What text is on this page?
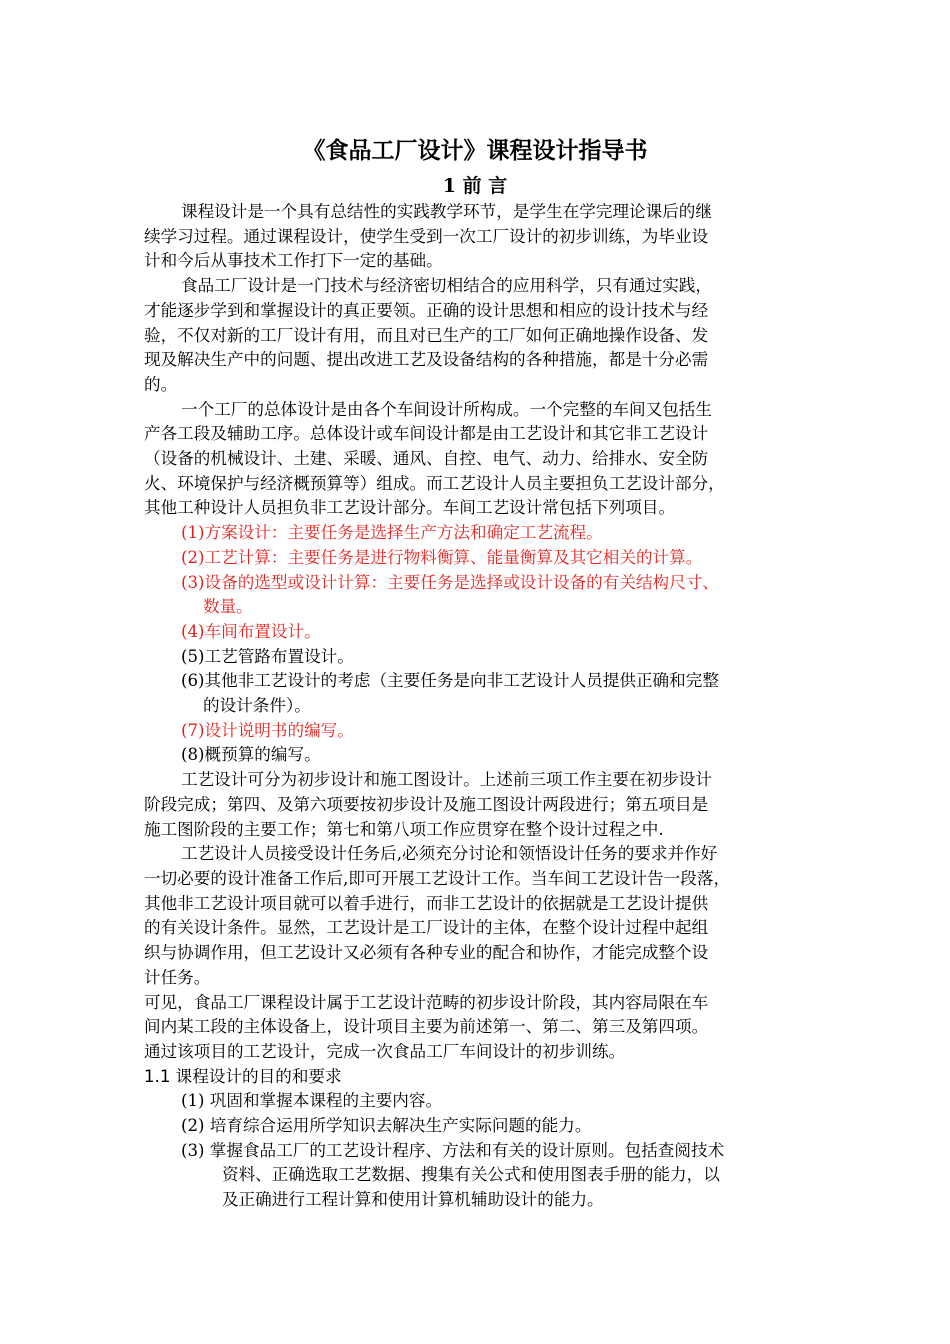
《食品工厂设计》课程设计指导书
1 前 言
课程设计是一个具有总结性的实践教学环节，是学生在学完理论课后的继
续学习过程。通过课程设计，使学生受到一次工厂设计的初步训练，为毕业设
计和今后从事技术工作打下一定的基础。
食品工厂设计是一门技术与经济密切相结合的应用科学，只有通过实践，
才能逐步学到和掌握设计的真正要领。正确的设计思想和相应的设计技术与经
验，不仅对新的工厂设计有用，而且对已生产的工厂如何正确地操作设备、发
现及解决生产中的问题、提出改进工艺及设备结构的各种措施，都是十分必需
的。
一个工厂的总体设计是由各个车间设计所构成。一个完整的车间又包括生
产各工段及辅助工序。总体设计或车间设计都是由工艺设计和其它非工艺设计
（设备的机械设计、土建、采暖、通风、自控、电气、动力、给排水、安全防
火、环境保护与经济概预算等）组成。而工艺设计人员主要担负工艺设计部分，
其他工种设计人员担负非工艺设计部分。车间工艺设计常包括下列项目。
(1)方案设计：主要任务是选择生产方法和确定工艺流程。
(2)工艺计算：主要任务是进行物料衡算、能量衡算及其它相关的计算。
(3)设备的选型或设计计算：主要任务是选择或设计设备的有关结构尺寸、
数量。
(4)车间布置设计。
(5)工艺管路布置设计。
(6)其他非工艺设计的考虑（主要任务是向非工艺设计人员提供正确和完整
的设计条件）。
(7)设计说明书的编写。
(8)概预算的编写。
工艺设计可分为初步设计和施工图设计。上述前三项工作主要在初步设计
阶段完成；第四、及第六项要按初步设计及施工图设计两段进行；第五项目是
施工图阶段的主要工作；第七和第八项工作应贯穿在整个设计过程之中.
工艺设计人员接受设计任务后,必须充分讨论和领悟设计任务的要求并作好
一切必要的设计准备工作后,即可开展工艺设计工作。当车间工艺设计告一段落，
其他非工艺设计项目就可以着手进行，而非工艺设计的依据就是工艺设计提供
的有关设计条件。显然，工艺设计是工厂设计的主体，在整个设计过程中起组
织与协调作用，但工艺设计又必须有各种专业的配合和协作，才能完成整个设
计任务。
可见，食品工厂课程设计属于工艺设计范畴的初步设计阶段，其内容局限在车
间内某工段的主体设备上，设计项目主要为前述第一、第二、第三及第四项。
通过该项目的工艺设计，完成一次食品工厂车间设计的初步训练。
1.1 课程设计的目的和要求
(1) 巩固和掌握本课程的主要内容。
(2) 培育综合运用所学知识去解决生产实际问题的能力。
(3) 掌握食品工厂的工艺设计程序、方法和有关的设计原则。包括查阅技术
资料、正确选取工艺数据、搜集有关公式和使用图表手册的能力，以
及正确进行工程计算和使用计算机辅助设计的能力。
